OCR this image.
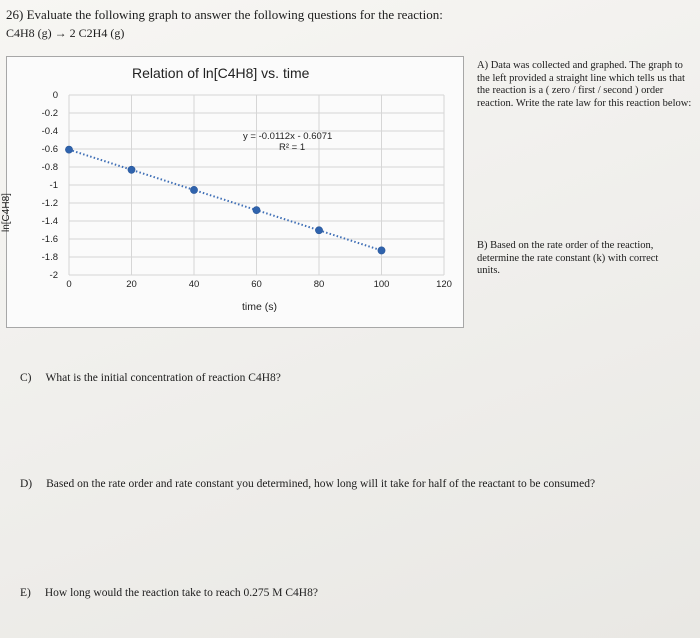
26) Evaluate the following graph to answer the following questions for the reaction:
C4H8 (g) → 2 C2H4 (g)
0
-0.2
-0.4
-0.6
-0.8
-1
-1.2
-1.4
-1.6
-1.8
-2
0	20	40	60	80	100	120
Relation of ln[C4H8] vs. time
ln[C4H8]
time (s)
y = -0.0112x - 0.6071
R² = 1
A) Data was collected and graphed. The graph to the left provided a straight line which tells us that the reaction is a ( zero / first / second ) order reaction. Write the rate law for this reaction below:
B) Based on the rate order of the reaction, determine the rate constant (k) with correct units.
C) What is the initial concentration of reaction C4H8?
D) Based on the rate order and rate constant you determined, how long will it take for half of the reactant to be consumed?
E) How long would the reaction take to reach 0.275 M C4H8?
